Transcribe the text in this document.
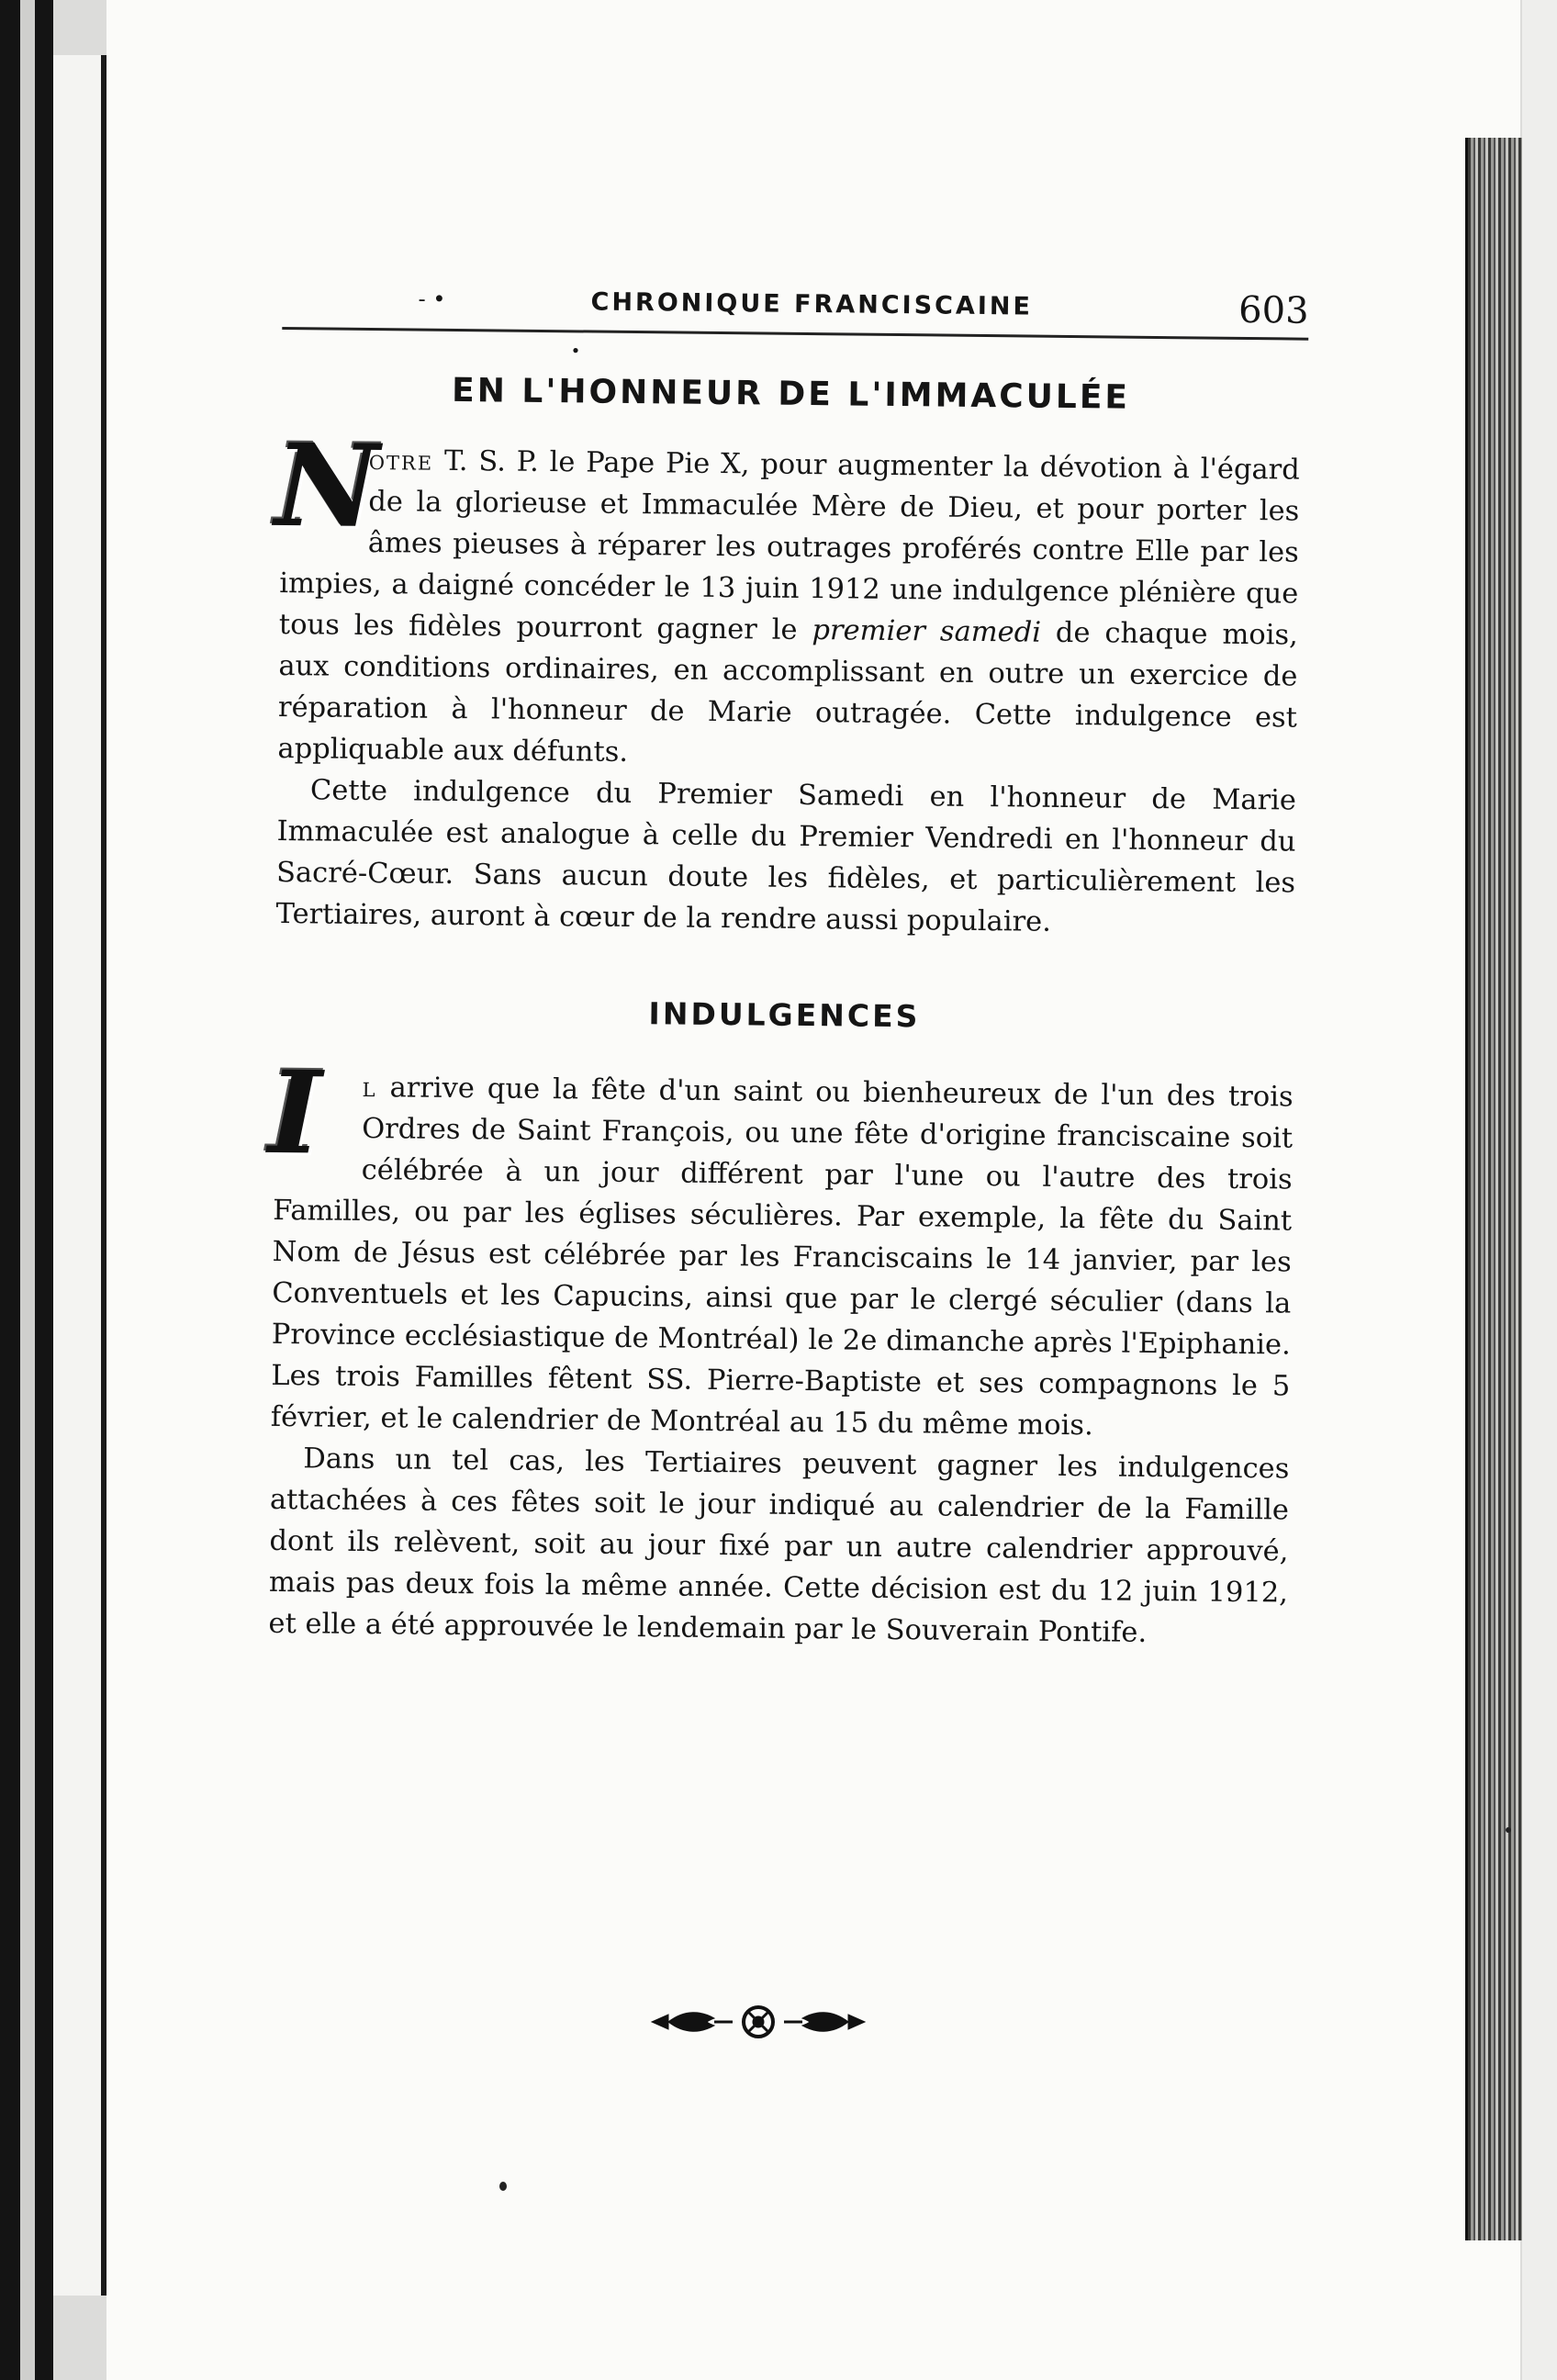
- •	CHRONIQUE FRANCISCAINE	603
•
EN L'HONNEUR DE L'IMMACULÉE

N
otre T. S. P. le Pape Pie X, pour augmenter la dévotion à l'égard de la glorieuse et Immaculée Mère de Dieu, et pour porter les âmes pieuses à réparer les outrages proférés contre Elle par les impies, a daigné concéder le 13 juin 1912 une indulgence plénière que tous les fidèles pourront gagner le premier samedi de chaque mois, aux conditions ordinaires, en accomplissant en outre un exercice de réparation à l'honneur de Marie outragée. Cette indulgence est appliquable aux défunts.

Cette indulgence du Premier Samedi en l'honneur de Marie Immaculée est analogue à celle du Premier Vendredi en l'honneur du Sacré-Cœur. Sans aucun doute les fidèles, et particulièrement les Tertiaires, auront à cœur de la rendre aussi populaire.

INDULGENCES

I	l arrive que la fête d'un saint ou bienheureux de l'un des trois Ordres de Saint François, ou une fête d'origine franciscaine soit célébrée à un jour différent par l'une ou l'autre des trois Familles, ou par les églises séculières. Par exemple, la fête du Saint Nom de Jésus est célébrée par les Franciscains le 14 janvier, par les Conventuels et les Capucins, ainsi que par le clergé séculier (dans la Province ecclésiastique de Montréal) le 2e dimanche après l'Epiphanie. Les trois Familles fêtent SS. Pierre-Baptiste et ses compagnons le 5 février, et le calendrier de Montréal au 15 du même mois.

Dans un tel cas, les Tertiaires peuvent gagner les indulgences attachées à ces fêtes soit le jour indiqué au calendrier de la Famille dont ils relèvent, soit au jour fixé par un autre calendrier approuvé, mais pas deux fois la même année. Cette décision est du 12 juin 1912, et elle a été approuvée le lendemain par le Souverain Pontife.
